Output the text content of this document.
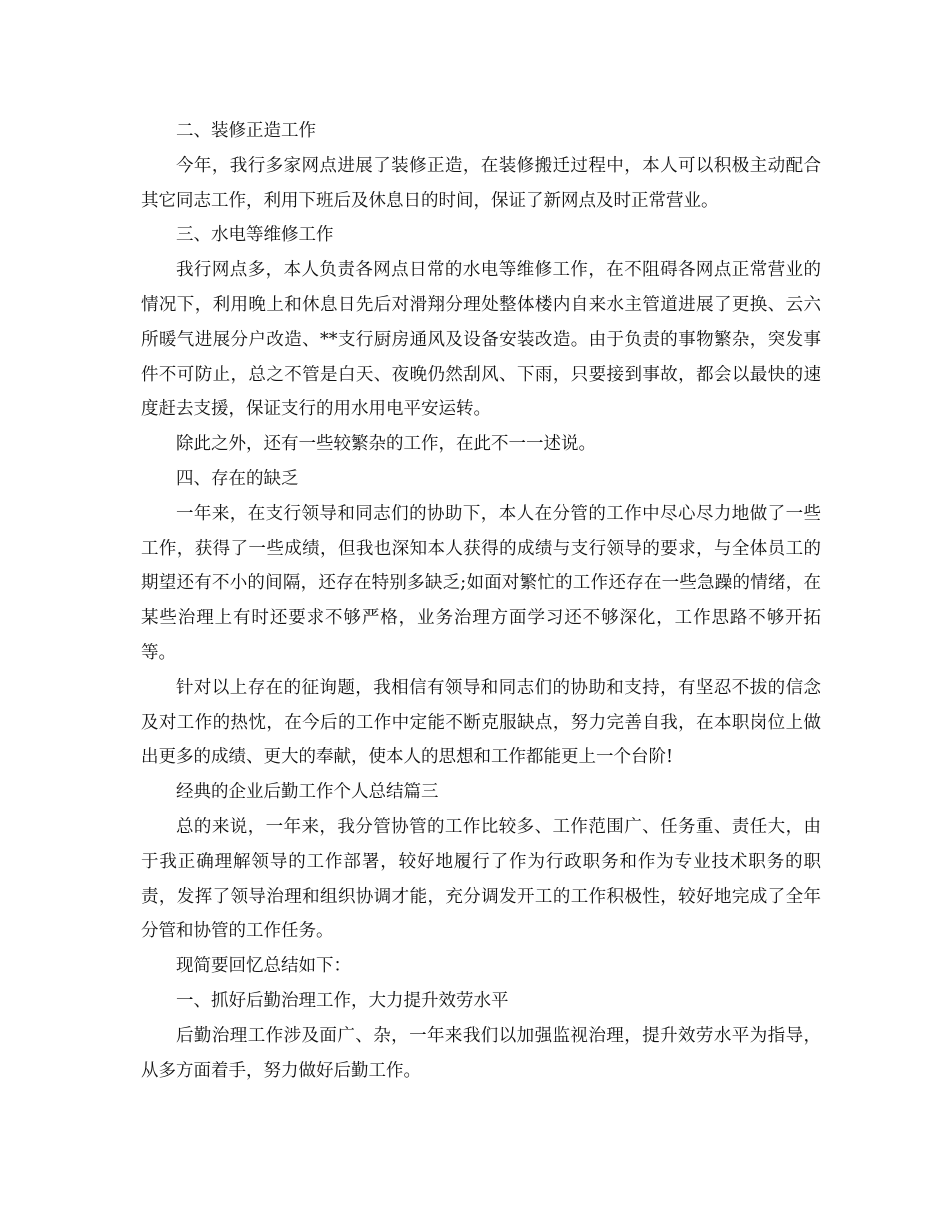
二、装修正造工作

今年，我行多家网点进展了装修正造，在装修搬迁过程中，本人可以积极主动配合其它同志工作，利用下班后及休息日的时间，保证了新网点及时正常营业。

三、水电等维修工作

我行网点多，本人负责各网点日常的水电等维修工作，在不阻碍各网点正常营业的情况下，利用晚上和休息日先后对滑翔分理处整体楼内自来水主管道进展了更换、云六所暖气进展分户改造、**支行厨房通风及设备安装改造。由于负责的事物繁杂，突发事件不可防止，总之不管是白天、夜晚仍然刮风、下雨，只要接到事故，都会以最快的速度赶去支援，保证支行的用水用电平安运转。

除此之外，还有一些较繁杂的工作，在此不一一述说。

四、存在的缺乏

一年来，在支行领导和同志们的协助下，本人在分管的工作中尽心尽力地做了一些工作，获得了一些成绩，但我也深知本人获得的成绩与支行领导的要求，与全体员工的期望还有不小的间隔，还存在特别多缺乏;如面对繁忙的工作还存在一些急躁的情绪，在某些治理上有时还要求不够严格，业务治理方面学习还不够深化，工作思路不够开拓等。

针对以上存在的征询题，我相信有领导和同志们的协助和支持，有坚忍不拔的信念及对工作的热忱，在今后的工作中定能不断克服缺点，努力完善自我，在本职岗位上做出更多的成绩、更大的奉献，使本人的思想和工作都能更上一个台阶!

经典的企业后勤工作个人总结篇三

总的来说，一年来，我分管协管的工作比较多、工作范围广、任务重、责任大，由于我正确理解领导的工作部署，较好地履行了作为行政职务和作为专业技术职务的职责，发挥了领导治理和组织协调才能，充分调发开工的工作积极性，较好地完成了全年分管和协管的工作任务。

现简要回忆总结如下：

一、抓好后勤治理工作，大力提升效劳水平

后勤治理工作涉及面广、杂，一年来我们以加强监视治理，提升效劳水平为指导，从多方面着手，努力做好后勤工作。
